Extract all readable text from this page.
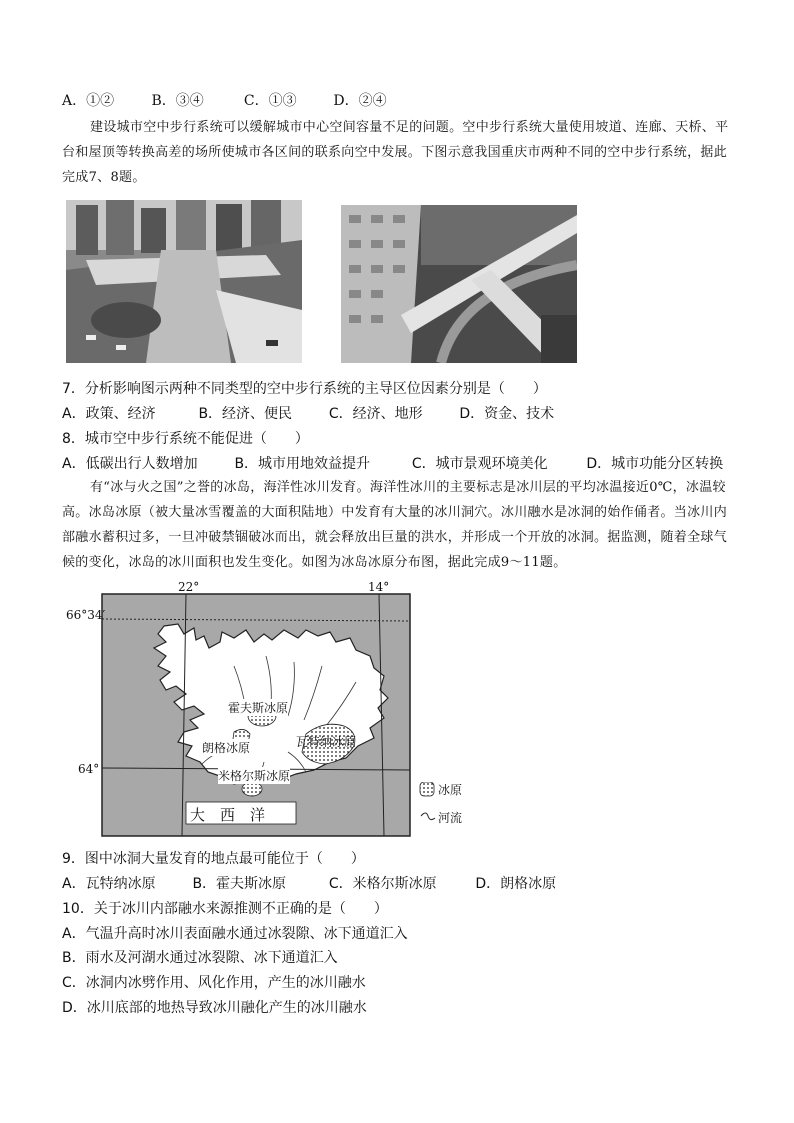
A．①②	B．③④	C．①③	D．②④
建设城市空中步行系统可以缓解城市中心空间容量不足的问题。空中步行系统大量使用坡道、连廊、天桥、平台和屋顶等转换高差的场所使城市各区间的联系向空中发展。下图示意我国重庆市两种不同的空中步行系统，据此完成7、8题。
7．分析影响图示两种不同类型的空中步行系统的主导区位因素分别是（　　）
A．政策、经济	B．经济、便民	C．经济、地形	D．资金、技术
8．城市空中步行系统不能促进（　　）
A．低碳出行人数增加	B．城市用地效益提升	C．城市景观环境美化	D．城市功能分区转换
有“冰与火之国”之誉的冰岛，海洋性冰川发育。海洋性冰川的主要标志是冰川层的平均冰温接近0℃，冰温较高。冰岛冰原（被大量冰雪覆盖的大面积陆地）中发育有大量的冰川洞穴。冰川融水是冰洞的始作俑者。当冰川内部融水蓄积过多，一旦冲破禁锢破冰而出，就会释放出巨量的洪水，并形成一个开放的冰洞。据监测，随着全球气候的变化，冰岛的冰川面积也发生变化。如图为冰岛冰原分布图，据此完成9～11题。
22°	14°
66°34′
64°
霍夫斯冰原
朗格冰原	瓦特纳冰原
米格尔斯冰原
大　西　洋
冰原
河流
9．图中冰洞大量发育的地点最可能位于（　　）
A．瓦特纳冰原	B．霍夫斯冰原	C．米格尔斯冰原	D．朗格冰原
10．关于冰川内部融水来源推测不正确的是（　　）
A．气温升高时冰川表面融水通过冰裂隙、冰下通道汇入
B．雨水及河湖水通过冰裂隙、冰下通道汇入
C．冰洞内冰劈作用、风化作用，产生的冰川融水
D．冰川底部的地热导致冰川融化产生的冰川融水
